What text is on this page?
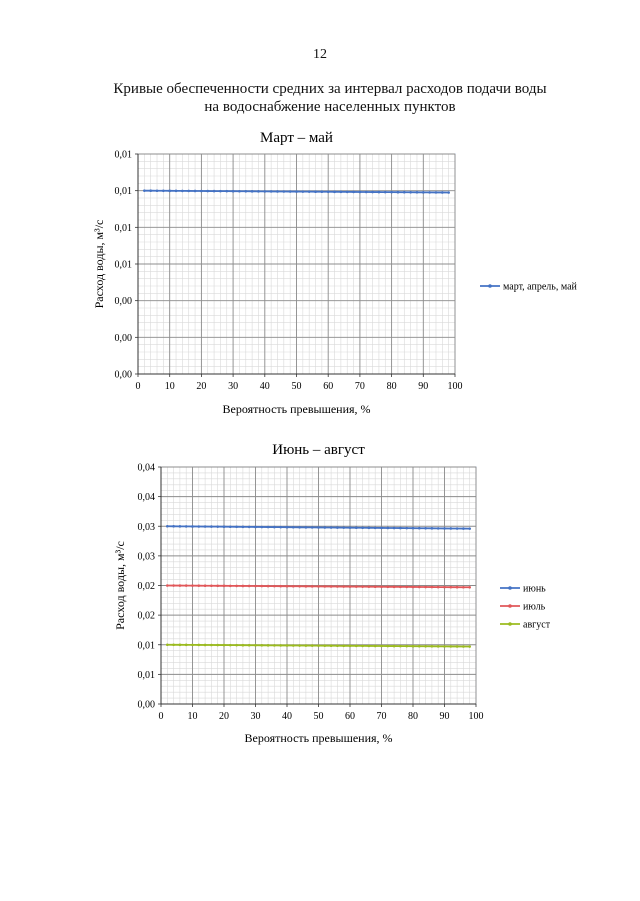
12
Кривые обеспеченности средних за интервал расходов подачи воды
на водоснабжение населенных пунктов
0 10 20 30 40 50 60 70 80 90 100
0,00
0,00
0,00
0,01
0,01
0,01
0,01
Март – май
Вероятность превышения, %
Расход воды, м³/с	март, апрель, май
0 10 20 30 40 50 60 70 80 90 100
0,00
0,01
0,01
0,02
0,02
0,03
0,03
0,04
0,04
Июнь – август
Вероятность превышения, %
Расход воды, м³/с	июнь
июль
август
